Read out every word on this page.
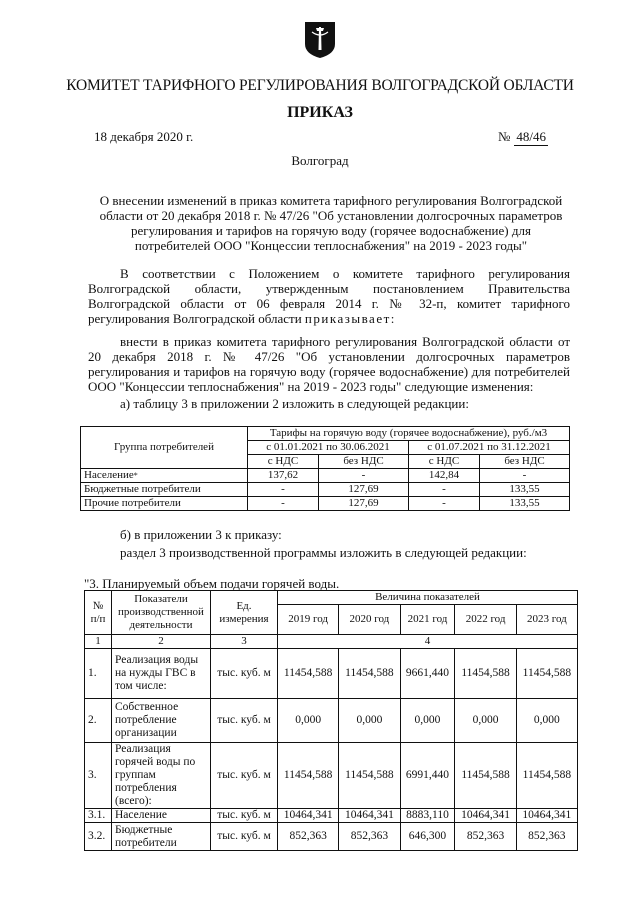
КОМИТЕТ ТАРИФНОГО РЕГУЛИРОВАНИЯ ВОЛГОГРАДСКОЙ ОБЛАСТИ
ПРИКАЗ
18 декабря 2020 г.	№ 48/46
Волгоград
О внесении изменений в приказ комитета тарифного регулирования Волгоградской области от 20 декабря 2018 г. № 47/26 "Об установлении долгосрочных параметров регулирования и тарифов на горячую воду (горячее водоснабжение) для потребителей ООО "Концессии теплоснабжения" на 2019 - 2023 годы"
В соответствии с Положением о комитете тарифного регулирования Волгоградской области, утвержденным постановлением Правительства Волгоградской области от 06 февраля 2014 г. № 32-п, комитет тарифного регулирования Волгоградской области приказывает:
внести в приказ комитета тарифного регулирования Волгоградской области от 20 декабря 2018 г. № 47/26 "Об установлении долгосрочных параметров регулирования и тарифов на горячую воду (горячее водоснабжение) для потребителей ООО "Концессии теплоснабжения" на 2019 - 2023 годы" следующие изменения:
а) таблицу 3 в приложении 2 изложить в следующей редакции:
Группа потребителей	Тарифы на горячую воду (горячее водоснабжение), руб./м3			
	с 01.01.2021 по 30.06.2021		с 01.07.2021 по 31.12.2021	
	с НДС	без НДС	с НДС	без НДС
Население*	137,62	-	142,84	-
Бюджетные потребители	-	127,69	-	133,55
Прочие потребители	-	127,69	-	133,55
б) в приложении 3 к приказу:
раздел 3 производственной программы изложить в следующей редакции:
"3. Планируемый объем подачи горячей воды.
№ п/п	Показатели производственной деятельности	Ед. измерения	Величина показателей				
			2019 год	2020 год	2021 год	2022 год	2023 год
1	2	3	4				
1.	Реализация воды на нужды ГВС в том числе:	тыс. куб. м	11454,588	11454,588	9661,440	11454,588	11454,588
2.	Собственное потребление организации	тыс. куб. м	0,000	0,000	0,000	0,000	0,000
3.	Реализация горячей воды по группам потребления (всего):	тыс. куб. м	11454,588	11454,588	6991,440	11454,588	11454,588
3.1.	Население	тыс. куб. м	10464,341	10464,341	8883,110	10464,341	10464,341
3.2.	Бюджетные потребители	тыс. куб. м	852,363	852,363	646,300	852,363	852,363
